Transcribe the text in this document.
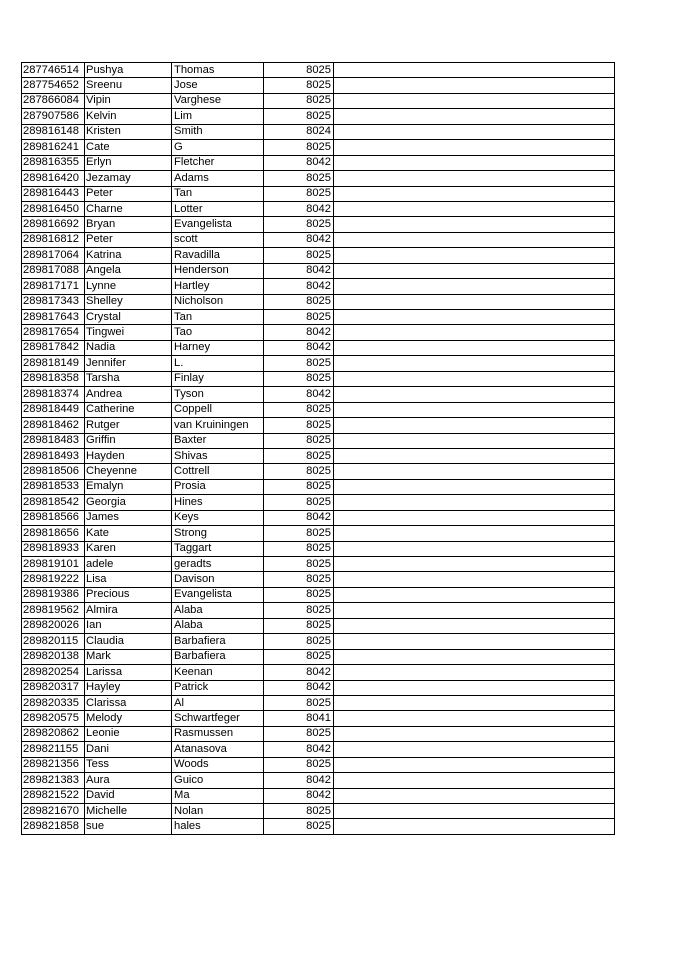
287746514	Pushya	Thomas	8025	
287754652	Sreenu	Jose	8025	
287866084	Vipin	Varghese	8025	
287907586	Kelvin	Lim	8025	
289816148	Kristen	Smith	8024	
289816241	Cate	G	8025	
289816355	Erlyn	Fletcher	8042	
289816420	Jezamay	Adams	8025	
289816443	Peter	Tan	8025	
289816450	Charne	Lotter	8042	
289816692	Bryan	Evangelista	8025	
289816812	Peter	scott	8042	
289817064	Katrina	Ravadilla	8025	
289817088	Angela	Henderson	8042	
289817171	Lynne	Hartley	8042	
289817343	Shelley	Nicholson	8025	
289817643	Crystal	Tan	8025	
289817654	Tingwei	Tao	8042	
289817842	Nadia	Harney	8042	
289818149	Jennifer	L.	8025	
289818358	Tarsha	Finlay	8025	
289818374	Andrea	Tyson	8042	
289818449	Catherine	Coppell	8025	
289818462	Rutger	van Kruiningen	8025	
289818483	Griffin	Baxter	8025	
289818493	Hayden	Shivas	8025	
289818506	Cheyenne	Cottrell	8025	
289818533	Emalyn	Prosia	8025	
289818542	Georgia	Hines	8025	
289818566	James	Keys	8042	
289818656	Kate	Strong	8025	
289818933	Karen	Taggart	8025	
289819101	adele	geradts	8025	
289819222	Lisa	Davison	8025	
289819386	Precious	Evangelista	8025	
289819562	Almira	Alaba	8025	
289820026	Ian	Alaba	8025	
289820115	Claudia	Barbafiera	8025	
289820138	Mark	Barbafiera	8025	
289820254	Larissa	Keenan	8042	
289820317	Hayley	Patrick	8042	
289820335	Clarissa	Al	8025	
289820575	Melody	Schwartfeger	8041	
289820862	Leonie	Rasmussen	8025	
289821155	Dani	Atanasova	8042	
289821356	Tess	Woods	8025	
289821383	Aura	Guico	8042	
289821522	David	Ma	8042	
289821670	Michelle	Nolan	8025	
289821858	sue	hales	8025	
